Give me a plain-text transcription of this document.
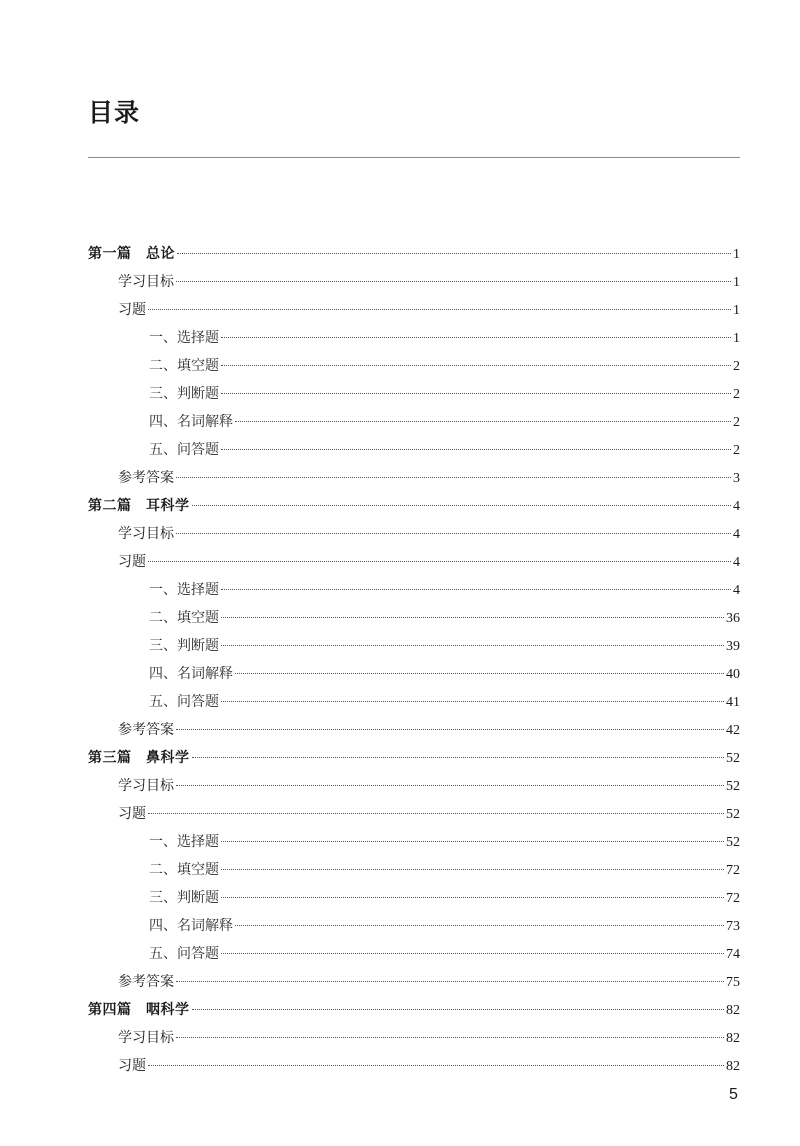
目录
第一篇　总论	1
学习目标	1
习题	1
一、选择题	1
二、填空题	2
三、判断题	2
四、名词解释	2
五、问答题	2
参考答案	3
第二篇　耳科学	4
学习目标	4
习题	4
一、选择题	4
二、填空题	36
三、判断题	39
四、名词解释	40
五、问答题	41
参考答案	42
第三篇　鼻科学	52
学习目标	52
习题	52
一、选择题	52
二、填空题	72
三、判断题	72
四、名词解释	73
五、问答题	74
参考答案	75
第四篇　咽科学	82
学习目标	82
习题	82
5
